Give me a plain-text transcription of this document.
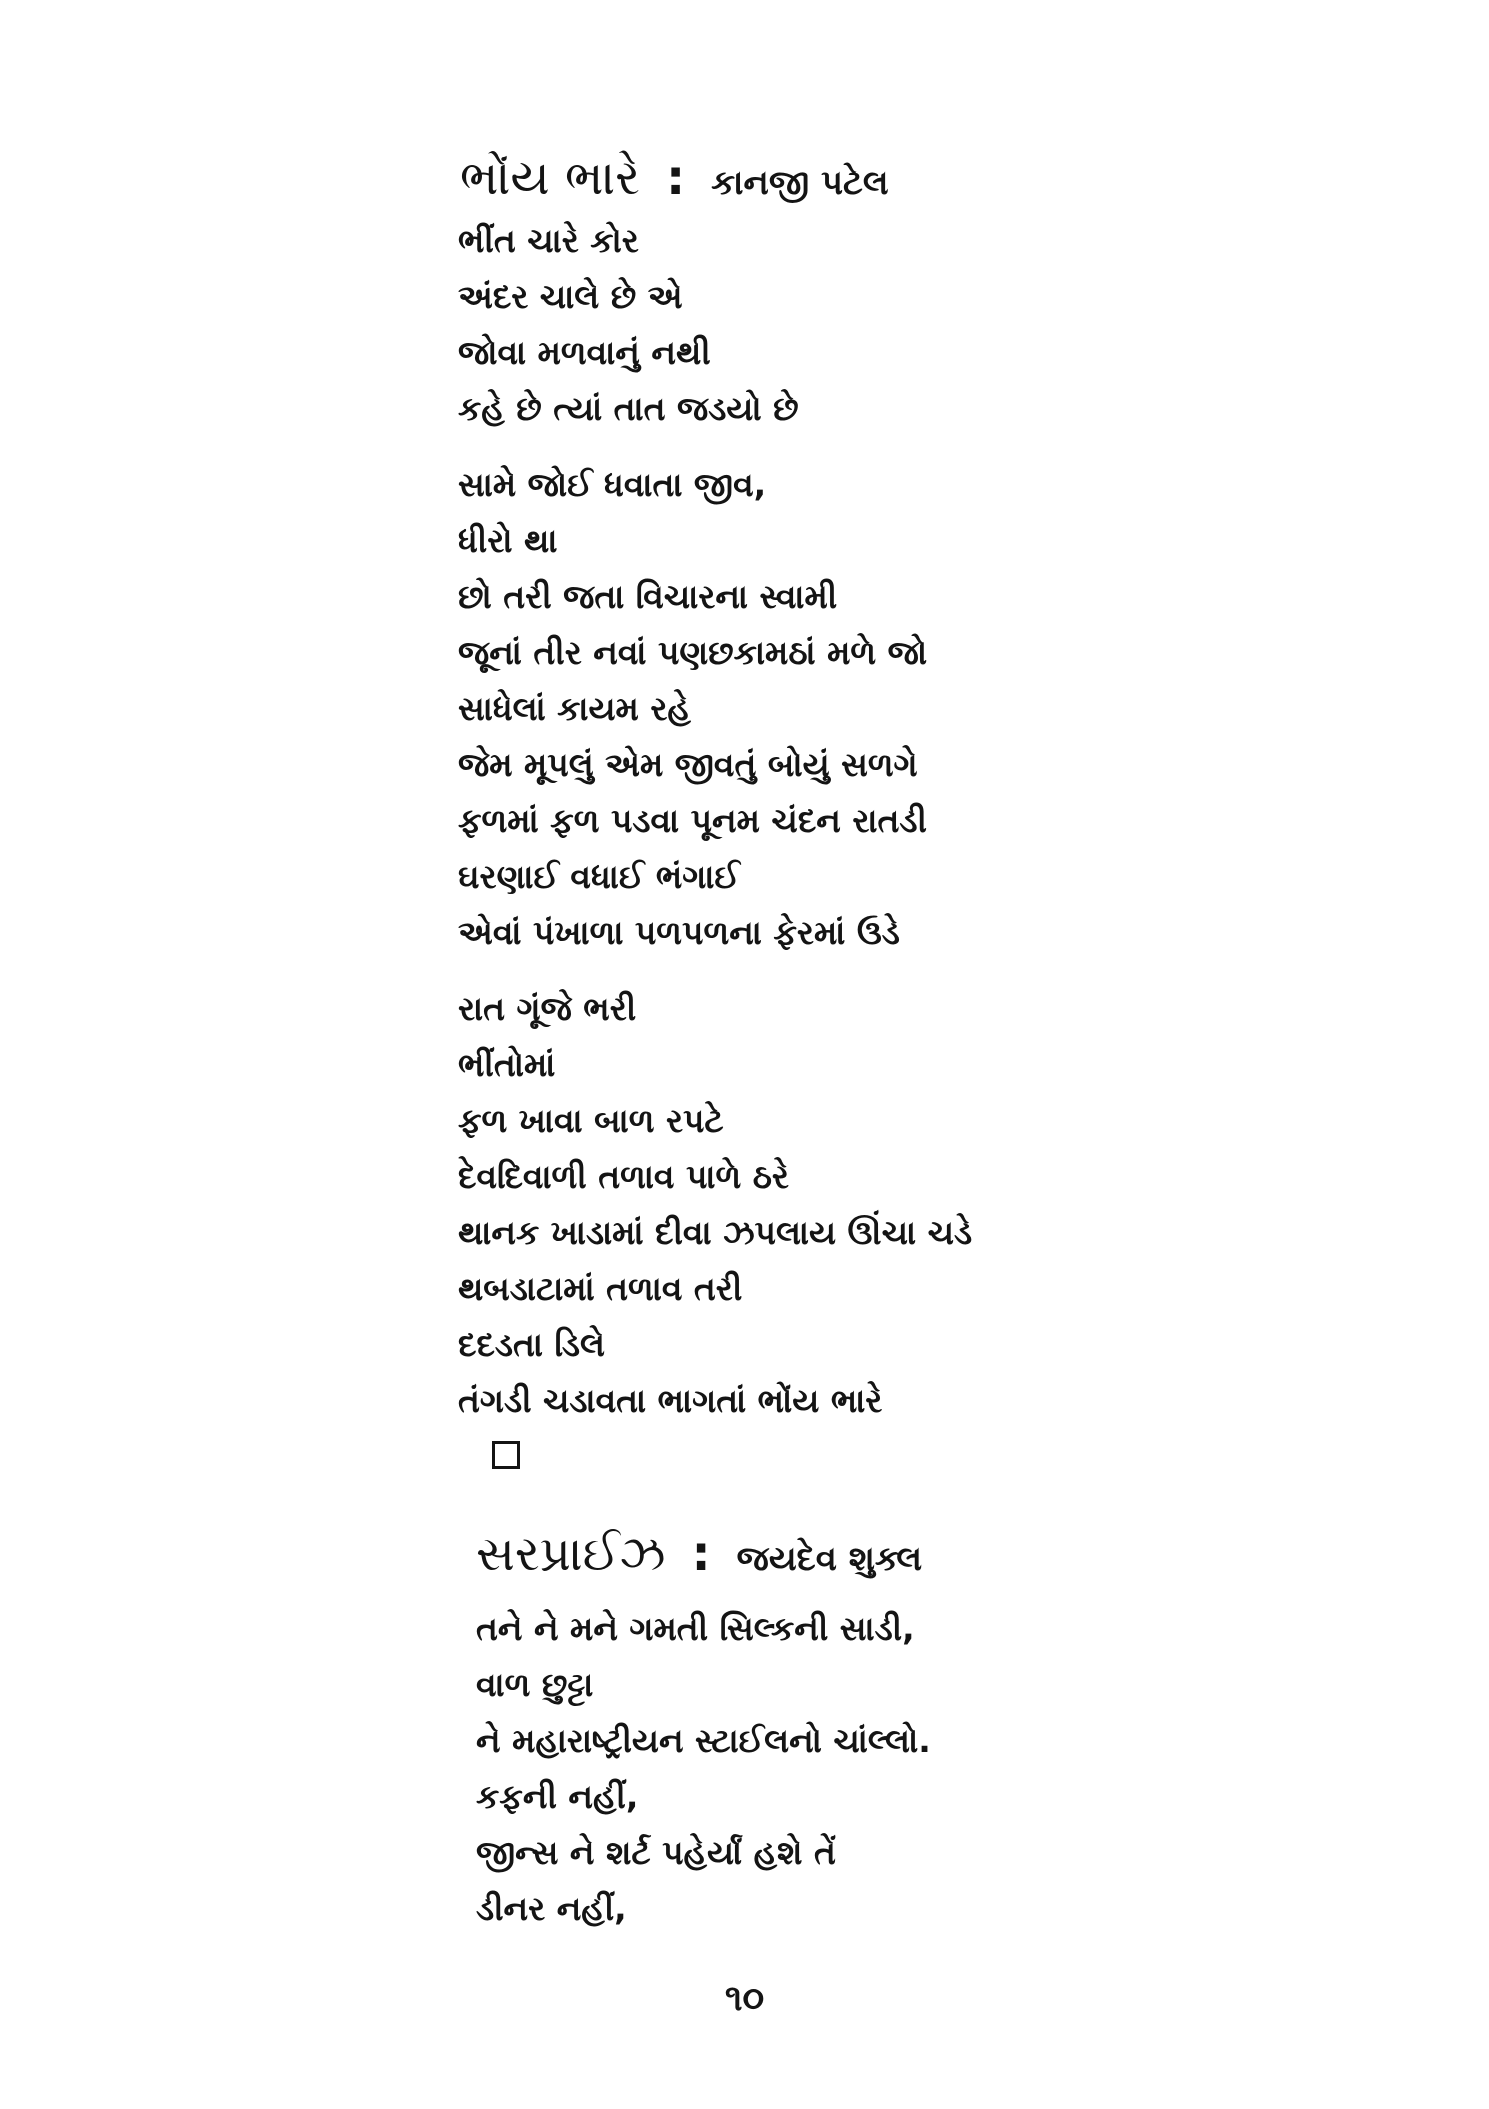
ભોંય ભારે : કાનજી પટેલ
ભીંત ચારે કોર
અંદર ચાલે છે એ
જોવા મળવાનું નથી
કહે છે ત્યાં તાત જડયો છે
સામે જોઈ ધવાતા જીવ,
ધીરો થા
છો તરી જતા વિચારના સ્વામી
જૂનાં તીર નવાં પણછકામઠાં મળે જો
સાધેલાં કાયમ રહે
જેમ મૂપલું એમ જીવતું બોયું સળગે
ફળમાં ફળ પડવા પૂનમ ચંદન રાતડી
ઘરણાઈ વધાઈ ભંગાઈ
એવાં પંખાળા પળપળના ફેરમાં ઉડે
રાત ગૂંજે ભરી
ભીંતોમાં
ફળ ખાવા બાળ રપટે
દેવદિવાળી તળાવ પાળે ઠરે
થાનક ખાડામાં દીવા ઝપલાય ઊંચા ચડે
થબડાટામાં તળાવ તરી
દદડતા ડિલે
તંગડી ચડાવતા ભાગતાં ભોંય ભારે
સરપ્રાઈઝ : જયદેવ શુક્લ
તને ને મને ગમતી સિલ્કની સાડી,
વાળ છુટ્ટા
ને મહારાષ્ટ્રીયન સ્ટાઈલનો ચાંલ્લો.
કફની નહીં,
જીન્સ ને શર્ટ પહેર્યાં હશે તેં
ડીનર નહીં,
૧૦
